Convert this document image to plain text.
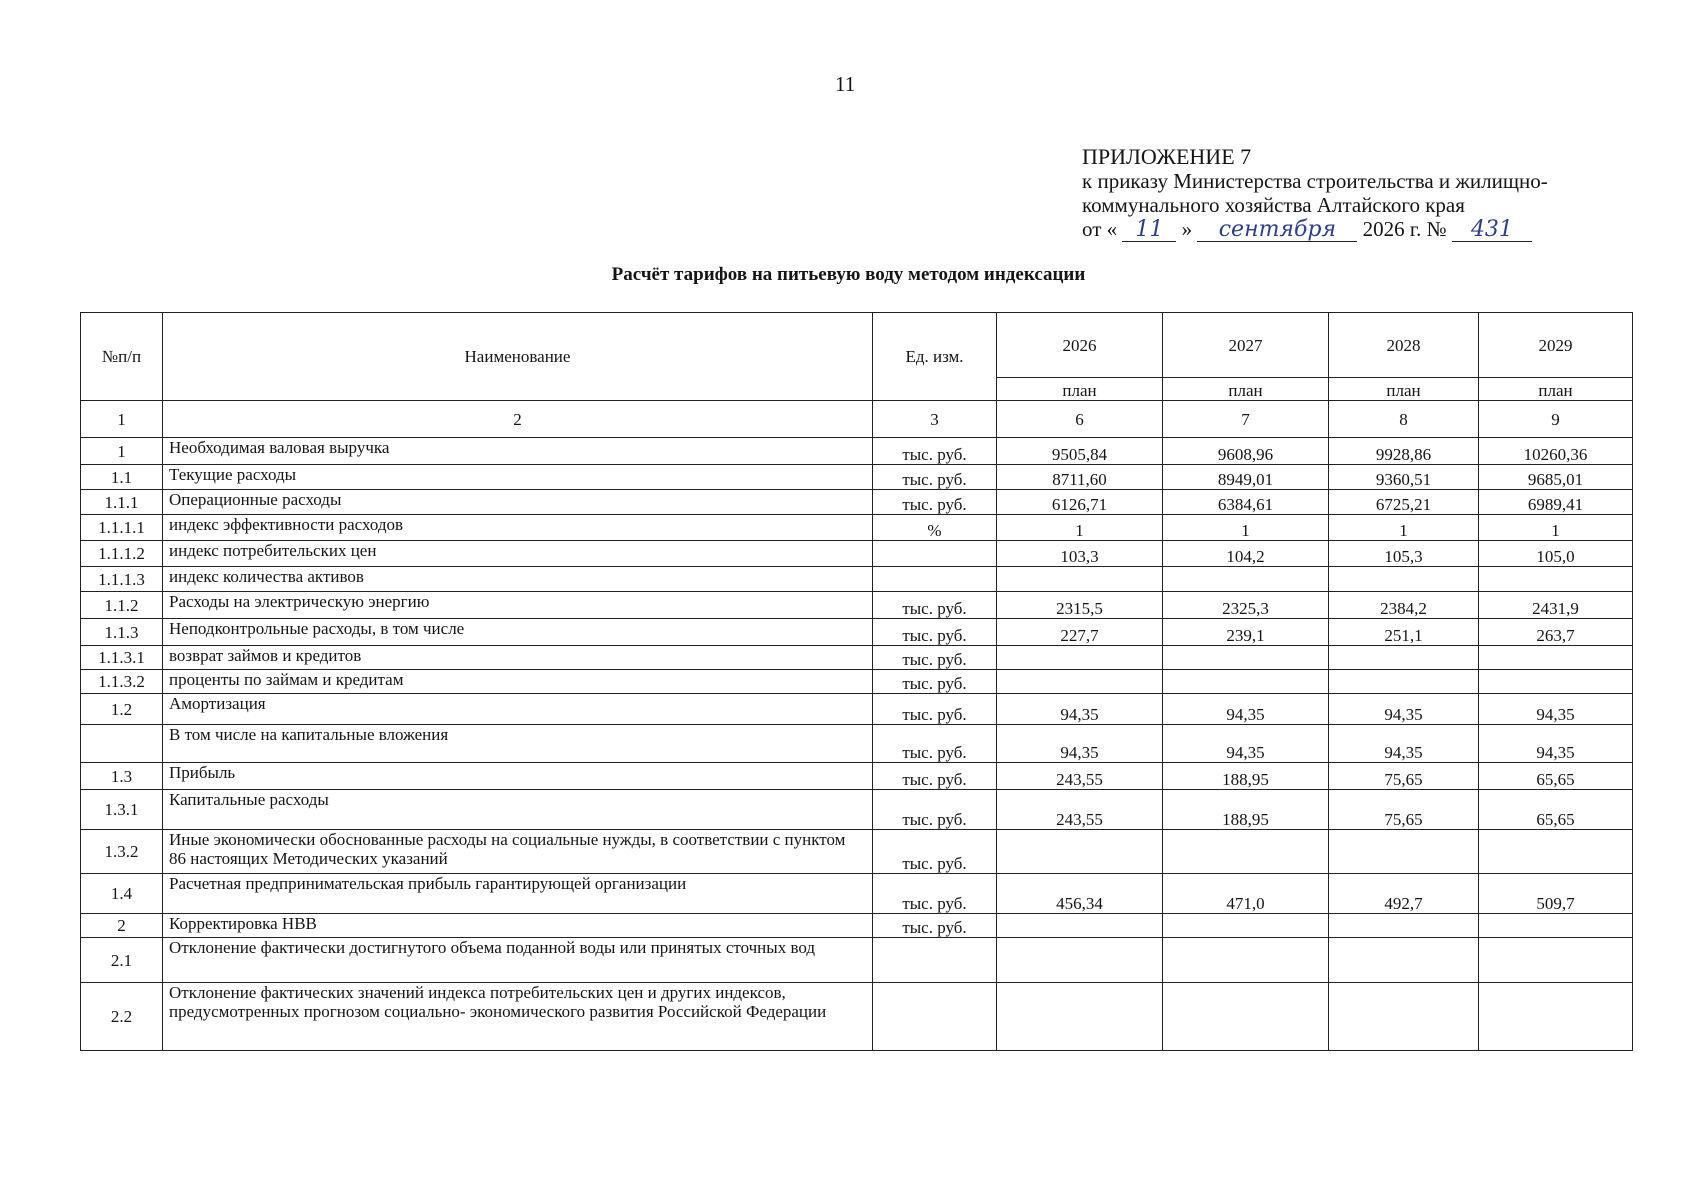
11
ПРИЛОЖЕНИЕ 7
к приказу Министерства строительства и жилищно-
коммунального хозяйства Алтайского края
от « 11 » сентября 2026 г. № 431
Расчёт тарифов на питьевую воду методом индексации
№п/п	Наименование	Ед. изм.	2026	2027	2028	2029
			план	план	план	план
1	2	3	6	7	8	9
1	Необходимая валовая выручка	тыс. руб.	9505,84	9608,96	9928,86	10260,36
1.1	Текущие расходы	тыс. руб.	8711,60	8949,01	9360,51	9685,01
1.1.1	Операционные расходы	тыс. руб.	6126,71	6384,61	6725,21	6989,41
1.1.1.1	индекс эффективности расходов	%	1	1	1	1
1.1.1.2	индекс потребительских цен		103,3	104,2	105,3	105,0
1.1.1.3	индекс количества активов					
1.1.2	Расходы на электрическую энергию	тыс. руб.	2315,5	2325,3	2384,2	2431,9
1.1.3	Неподконтрольные расходы, в том числе	тыс. руб.	227,7	239,1	251,1	263,7
1.1.3.1	возврат займов и кредитов	тыс. руб.				
1.1.3.2	проценты по займам и кредитам	тыс. руб.				
1.2	Амортизация	тыс. руб.	94,35	94,35	94,35	94,35
	В том числе на капитальные вложения	тыс. руб.	94,35	94,35	94,35	94,35
1.3	Прибыль	тыс. руб.	243,55	188,95	75,65	65,65
1.3.1	Капитальные расходы	тыс. руб.	243,55	188,95	75,65	65,65
1.3.2	Иные экономически обоснованные расходы на социальные нужды, в соответствии с пунктом 86 настоящих Методических указаний	тыс. руб.				
1.4	Расчетная предпринимательская прибыль гарантирующей организации	тыс. руб.	456,34	471,0	492,7	509,7
2	Корректировка НВВ	тыс. руб.				
2.1	Отклонение фактически достигнутого объема поданной воды или принятых сточных вод					
2.2	Отклонение фактических значений индекса потребительских цен и других индексов, предусмотренных прогнозом социально- экономического развития Российской Федерации					
